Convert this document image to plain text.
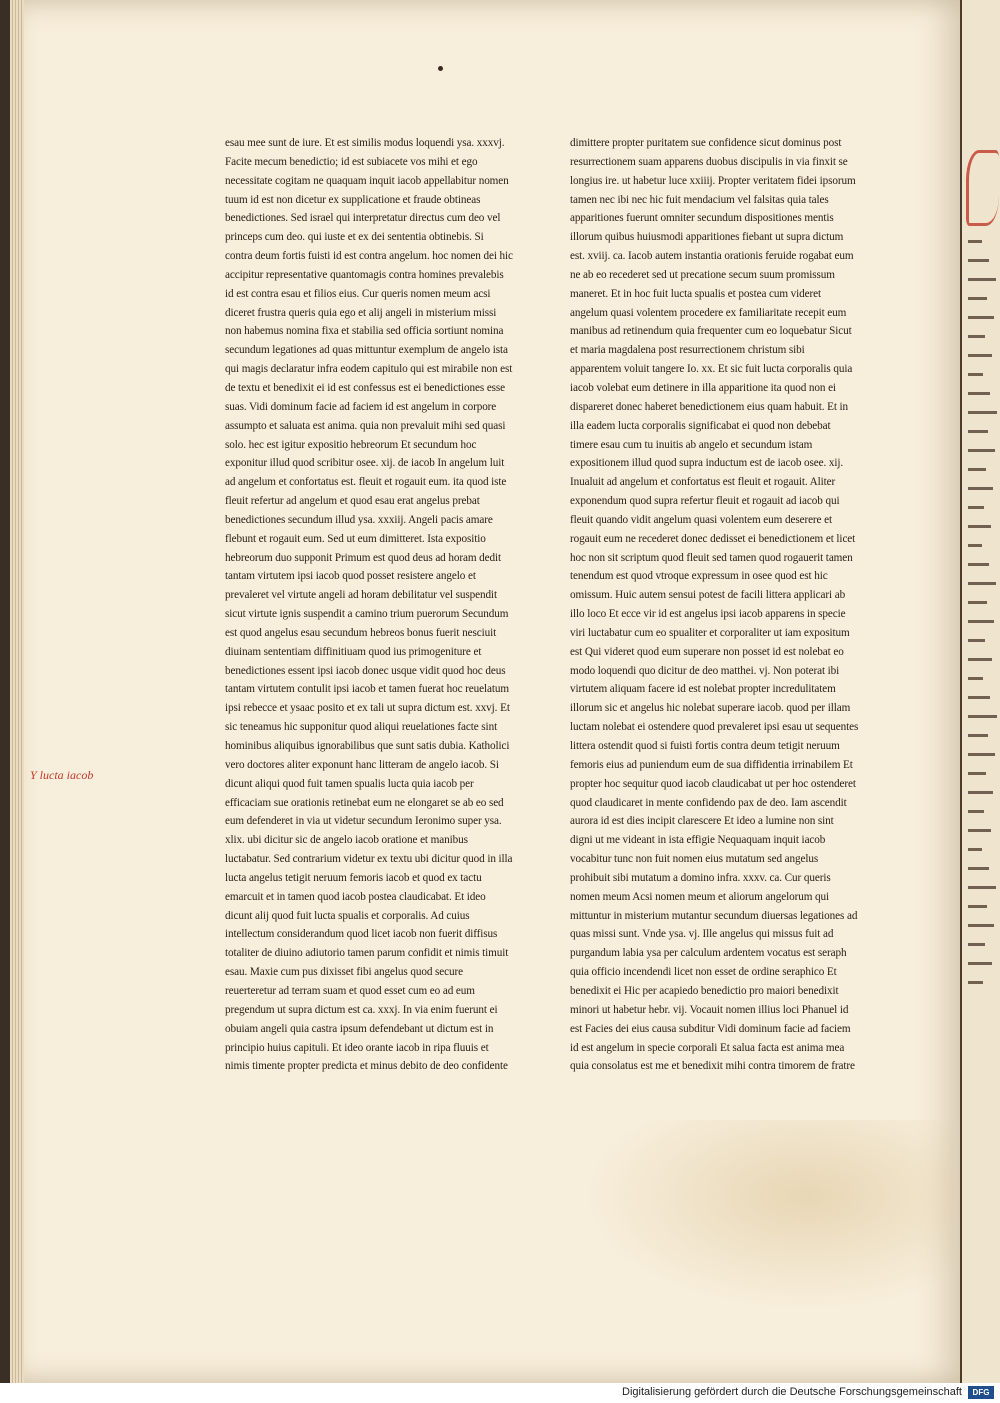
esau mee sunt de iure. Et est similis modus loquendi ysa. xxxvj.
Facite mecum benedictio; id est subiacete vos mihi et ego
necessitate cogitam ne quaquam inquit iacob appellabitur nomen
tuum id est non dicetur ex supplicatione et fraude obtineas
benedictiones. Sed israel qui interpretatur directus cum deo vel
princeps cum deo. qui iuste et ex dei sententia obtinebis. Si
contra deum fortis fuisti id est contra angelum. hoc nomen dei hic
accipitur representative quantomagis contra homines prevalebis
id est contra esau et filios eius. Cur queris nomen meum acsi
diceret frustra queris quia ego et alij angeli in misterium missi
non habemus nomina fixa et stabilia sed officia sortiunt nomina
secundum legationes ad quas mittuntur exemplum de angelo ista
qui magis declaratur infra eodem capitulo qui est mirabile non est
de textu et benedixit ei id est confessus est ei benedictiones esse
suas. Vidi dominum facie ad faciem id est angelum in corpore
assumpto et saluata est anima. quia non prevaluit mihi sed quasi
solo. hec est igitur expositio hebreorum Et secundum hoc
exponitur illud quod scribitur osee. xij. de iacob In angelum luit
ad angelum et confortatus est. fleuit et rogauit eum. ita quod iste
fleuit refertur ad angelum et quod esau erat angelus prebat
benedictiones secundum illud ysa. xxxiij. Angeli pacis amare
flebunt et rogauit eum. Sed ut eum dimitteret. Ista expositio
hebreorum duo supponit Primum est quod deus ad horam dedit
tantam virtutem ipsi iacob quod posset resistere angelo et
prevaleret vel virtute angeli ad horam debilitatur vel suspendit
sicut virtute ignis suspendit a camino trium puerorum Secundum
est quod angelus esau secundum hebreos bonus fuerit nesciuit
diuinam sententiam diffinitiuam quod ius primogeniture et
benedictiones essent ipsi iacob donec usque vidit quod hoc deus
tantam virtutem contulit ipsi iacob et tamen fuerat hoc reuelatum
ipsi rebecce et ysaac posito et ex tali ut supra dictum est. xxvj. Et
sic teneamus hic supponitur quod aliqui reuelationes facte sint
hominibus aliquibus ignorabilibus que sunt satis dubia. Katholici
vero doctores aliter exponunt hanc litteram de angelo iacob. Si
dicunt aliqui quod fuit tamen spualis lucta quia iacob per
efficaciam sue orationis retinebat eum ne elongaret se ab eo sed
eum defenderet in via ut videtur secundum Ieronimo super ysa.
xlix. ubi dicitur sic de angelo iacob oratione et manibus
luctabatur. Sed contrarium videtur ex textu ubi dicitur quod in illa
lucta angelus tetigit neruum femoris iacob et quod ex tactu
emarcuit et in tamen quod iacob postea claudicabat. Et ideo
dicunt alij quod fuit lucta spualis et corporalis. Ad cuius
intellectum considerandum quod licet iacob non fuerit diffisus
totaliter de diuino adiutorio tamen parum confidit et nimis timuit
esau. Maxie cum pus dixisset fibi angelus quod secure
reuerteretur ad terram suam et quod esset cum eo ad eum
pregendum ut supra dictum est ca. xxxj. In via enim fuerunt ei
obuiam angeli quia castra ipsum defendebant ut dictum est in
principio huius capituli. Et ideo orante iacob in ripa fluuis et
nimis timente propter predicta et minus debito de deo confidente
dimittere propter puritatem sue confidence sicut dominus post
resurrectionem suam apparens duobus discipulis in via finxit se
longius ire. ut habetur luce xxiiij. Propter veritatem fidei ipsorum
tamen nec ibi nec hic fuit mendacium vel falsitas quia tales
apparitiones fuerunt omniter secundum dispositiones mentis
illorum quibus huiusmodi apparitiones fiebant ut supra dictum
est. xviij. ca. Iacob autem instantia orationis feruide rogabat eum
ne ab eo recederet sed ut precatione secum suum promissum
maneret. Et in hoc fuit lucta spualis et postea cum videret
angelum quasi volentem procedere ex familiaritate recepit eum
manibus ad retinendum quia frequenter cum eo loquebatur Sicut
et maria magdalena post resurrectionem christum sibi
apparentem voluit tangere Io. xx. Et sic fuit lucta corporalis quia
iacob volebat eum detinere in illa apparitione ita quod non ei
dispareret donec haberet benedictionem eius quam habuit. Et in
illa eadem lucta corporalis significabat ei quod non debebat
timere esau cum tu inuitis ab angelo et secundum istam
expositionem illud quod supra inductum est de iacob osee. xij.
Inualuit ad angelum et confortatus est fleuit et rogauit. Aliter
exponendum quod supra refertur fleuit et rogauit ad iacob qui
fleuit quando vidit angelum quasi volentem eum deserere et
rogauit eum ne recederet donec dedisset ei benedictionem et licet
hoc non sit scriptum quod fleuit sed tamen quod rogauerit tamen
tenendum est quod vtroque expressum in osee quod est hic
omissum. Huic autem sensui potest de facili littera applicari ab
illo loco Et ecce vir id est angelus ipsi iacob apparens in specie
viri luctabatur cum eo spualiter et corporaliter ut iam expositum
est Qui videret quod eum superare non posset id est nolebat eo
modo loquendi quo dicitur de deo matthei. vj. Non poterat ibi
virtutem aliquam facere id est nolebat propter incredulitatem
illorum sic et angelus hic nolebat superare iacob. quod per illam
luctam nolebat ei ostendere quod prevaleret ipsi esau ut sequentes
littera ostendit quod si fuisti fortis contra deum tetigit neruum
femoris eius ad puniendum eum de sua diffidentia irrinabilem Et
propter hoc sequitur quod iacob claudicabat ut per hoc ostenderet
quod claudicaret in mente confidendo pax de deo. Iam ascendit
aurora id est dies incipit clarescere Et ideo a lumine non sint
digni ut me videant in ista effigie Nequaquam inquit iacob
vocabitur tunc non fuit nomen eius mutatum sed angelus
prohibuit sibi mutatum a domino infra. xxxv. ca. Cur queris
nomen meum Acsi nomen meum et aliorum angelorum qui
mittuntur in misterium mutantur secundum diuersas legationes ad
quas missi sunt. Vnde ysa. vj. Ille angelus qui missus fuit ad
purgandum labia ysa per calculum ardentem vocatus est seraph
quia officio incendendi licet non esset de ordine seraphico Et
benedixit ei Hic per acapiedo benedictio pro maiori benedixit
minori ut habetur hebr. vij. Vocauit nomen illius loci Phanuel id
est Facies dei eius causa subditur Vidi dominum facie ad faciem
id est angelum in specie corporali Et salua facta est anima mea
quia consolatus est me et benedixit mihi contra timorem de fratre
Y lucta iacob
Digitalisierung gefördert durch die Deutsche Forschungsgemeinschaft	DFG
